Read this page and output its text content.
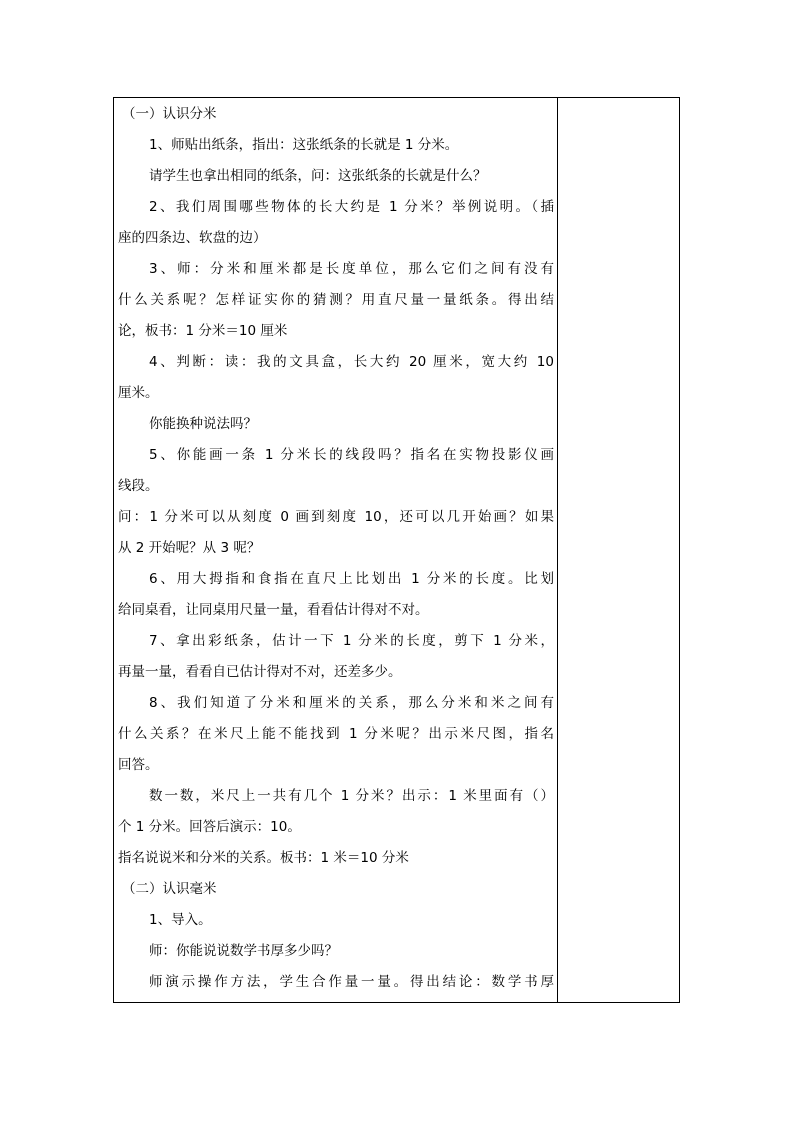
（一）认识分米
1、师贴出纸条，指出：这张纸条的长就是 1 分米。
请学生也拿出相同的纸条，问：这张纸条的长就是什么？
2、我们周围哪些物体的长大约是 1 分米？举例说明。（插
座的四条边、软盘的边）
3、师：分米和厘米都是长度单位，那么它们之间有没有
什么关系呢？怎样证实你的猜测？用直尺量一量纸条。得出结
论，板书：1 分米＝10 厘米
4、判断：读：我的文具盒，长大约 20 厘米，宽大约 10
厘米。
你能换种说法吗？
5、你能画一条 1 分米长的线段吗？指名在实物投影仪画
线段。
问：1 分米可以从刻度 0 画到刻度 10，还可以几开始画？如果
从 2 开始呢？从 3 呢？
6、用大拇指和食指在直尺上比划出 1 分米的长度。比划
给同桌看，让同桌用尺量一量，看看估计得对不对。
7、拿出彩纸条，估计一下 1 分米的长度，剪下 1 分米，
再量一量，看看自已估计得对不对，还差多少。
8、我们知道了分米和厘米的关系，那么分米和米之间有
什么关系？在米尺上能不能找到 1 分米呢？出示米尺图，指名
回答。
数一数，米尺上一共有几个 1 分米？出示：1 米里面有（）
个 1 分米。回答后演示：10。
指名说说米和分米的关系。板书：1 米＝10 分米
（二）认识毫米
1、导入。
师：你能说说数学书厚多少吗？
师演示操作方法，学生合作量一量。得出结论：数学书厚
